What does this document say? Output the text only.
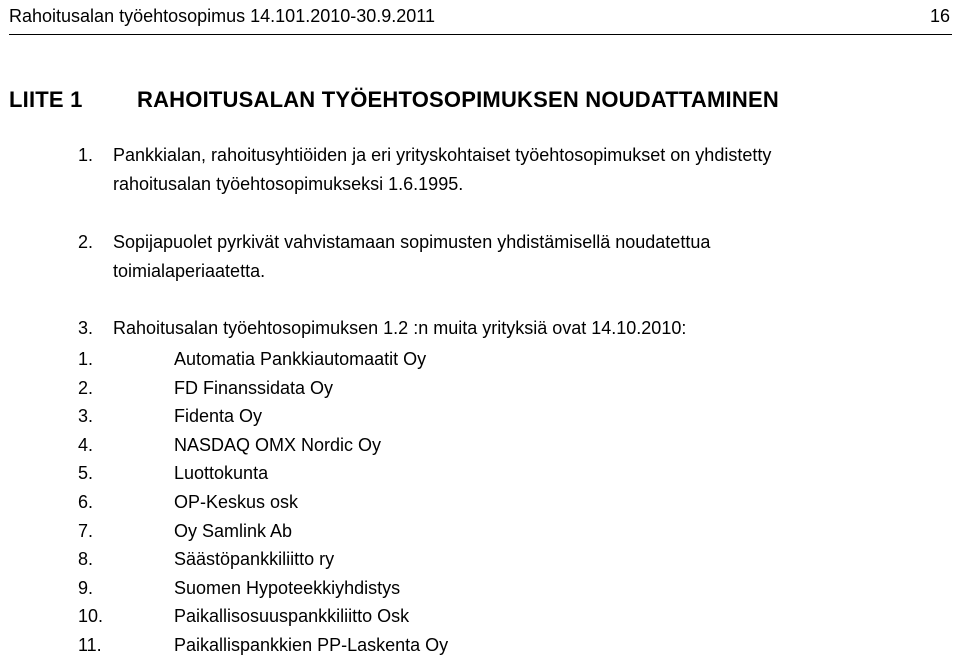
Rahoitusalan työehtosopimus 14.101.2010-30.9.2011	16
LIITE 1 RAHOITUSALAN TYÖEHTOSOPIMUKSEN NOUDATTAMINEN
1. Pankkialan, rahoitusyhtiöiden ja eri yrityskohtaiset työehtosopimukset on yhdistetty
rahoitusalan työehtosopimukseksi 1.6.1995.
2. Sopijapuolet pyrkivät vahvistamaan sopimusten yhdistämisellä noudatettua
toimialaperiaatetta.
3. Rahoitusalan työehtosopimuksen 1.2 :n muita yrityksiä ovat 14.10.2010:
1.	Automatia Pankkiautomaatit Oy
2.	FD Finanssidata Oy
3.	Fidenta Oy
4.	NASDAQ OMX Nordic Oy
5.	Luottokunta
6.	OP-Keskus osk
7.	Oy Samlink Ab
8.	Säästöpankkiliitto ry
9.	Suomen Hypoteekkiyhdistys
10.	Paikallisosuuspankkiliitto Osk
11.	Paikallispankkien PP-Laskenta Oy
